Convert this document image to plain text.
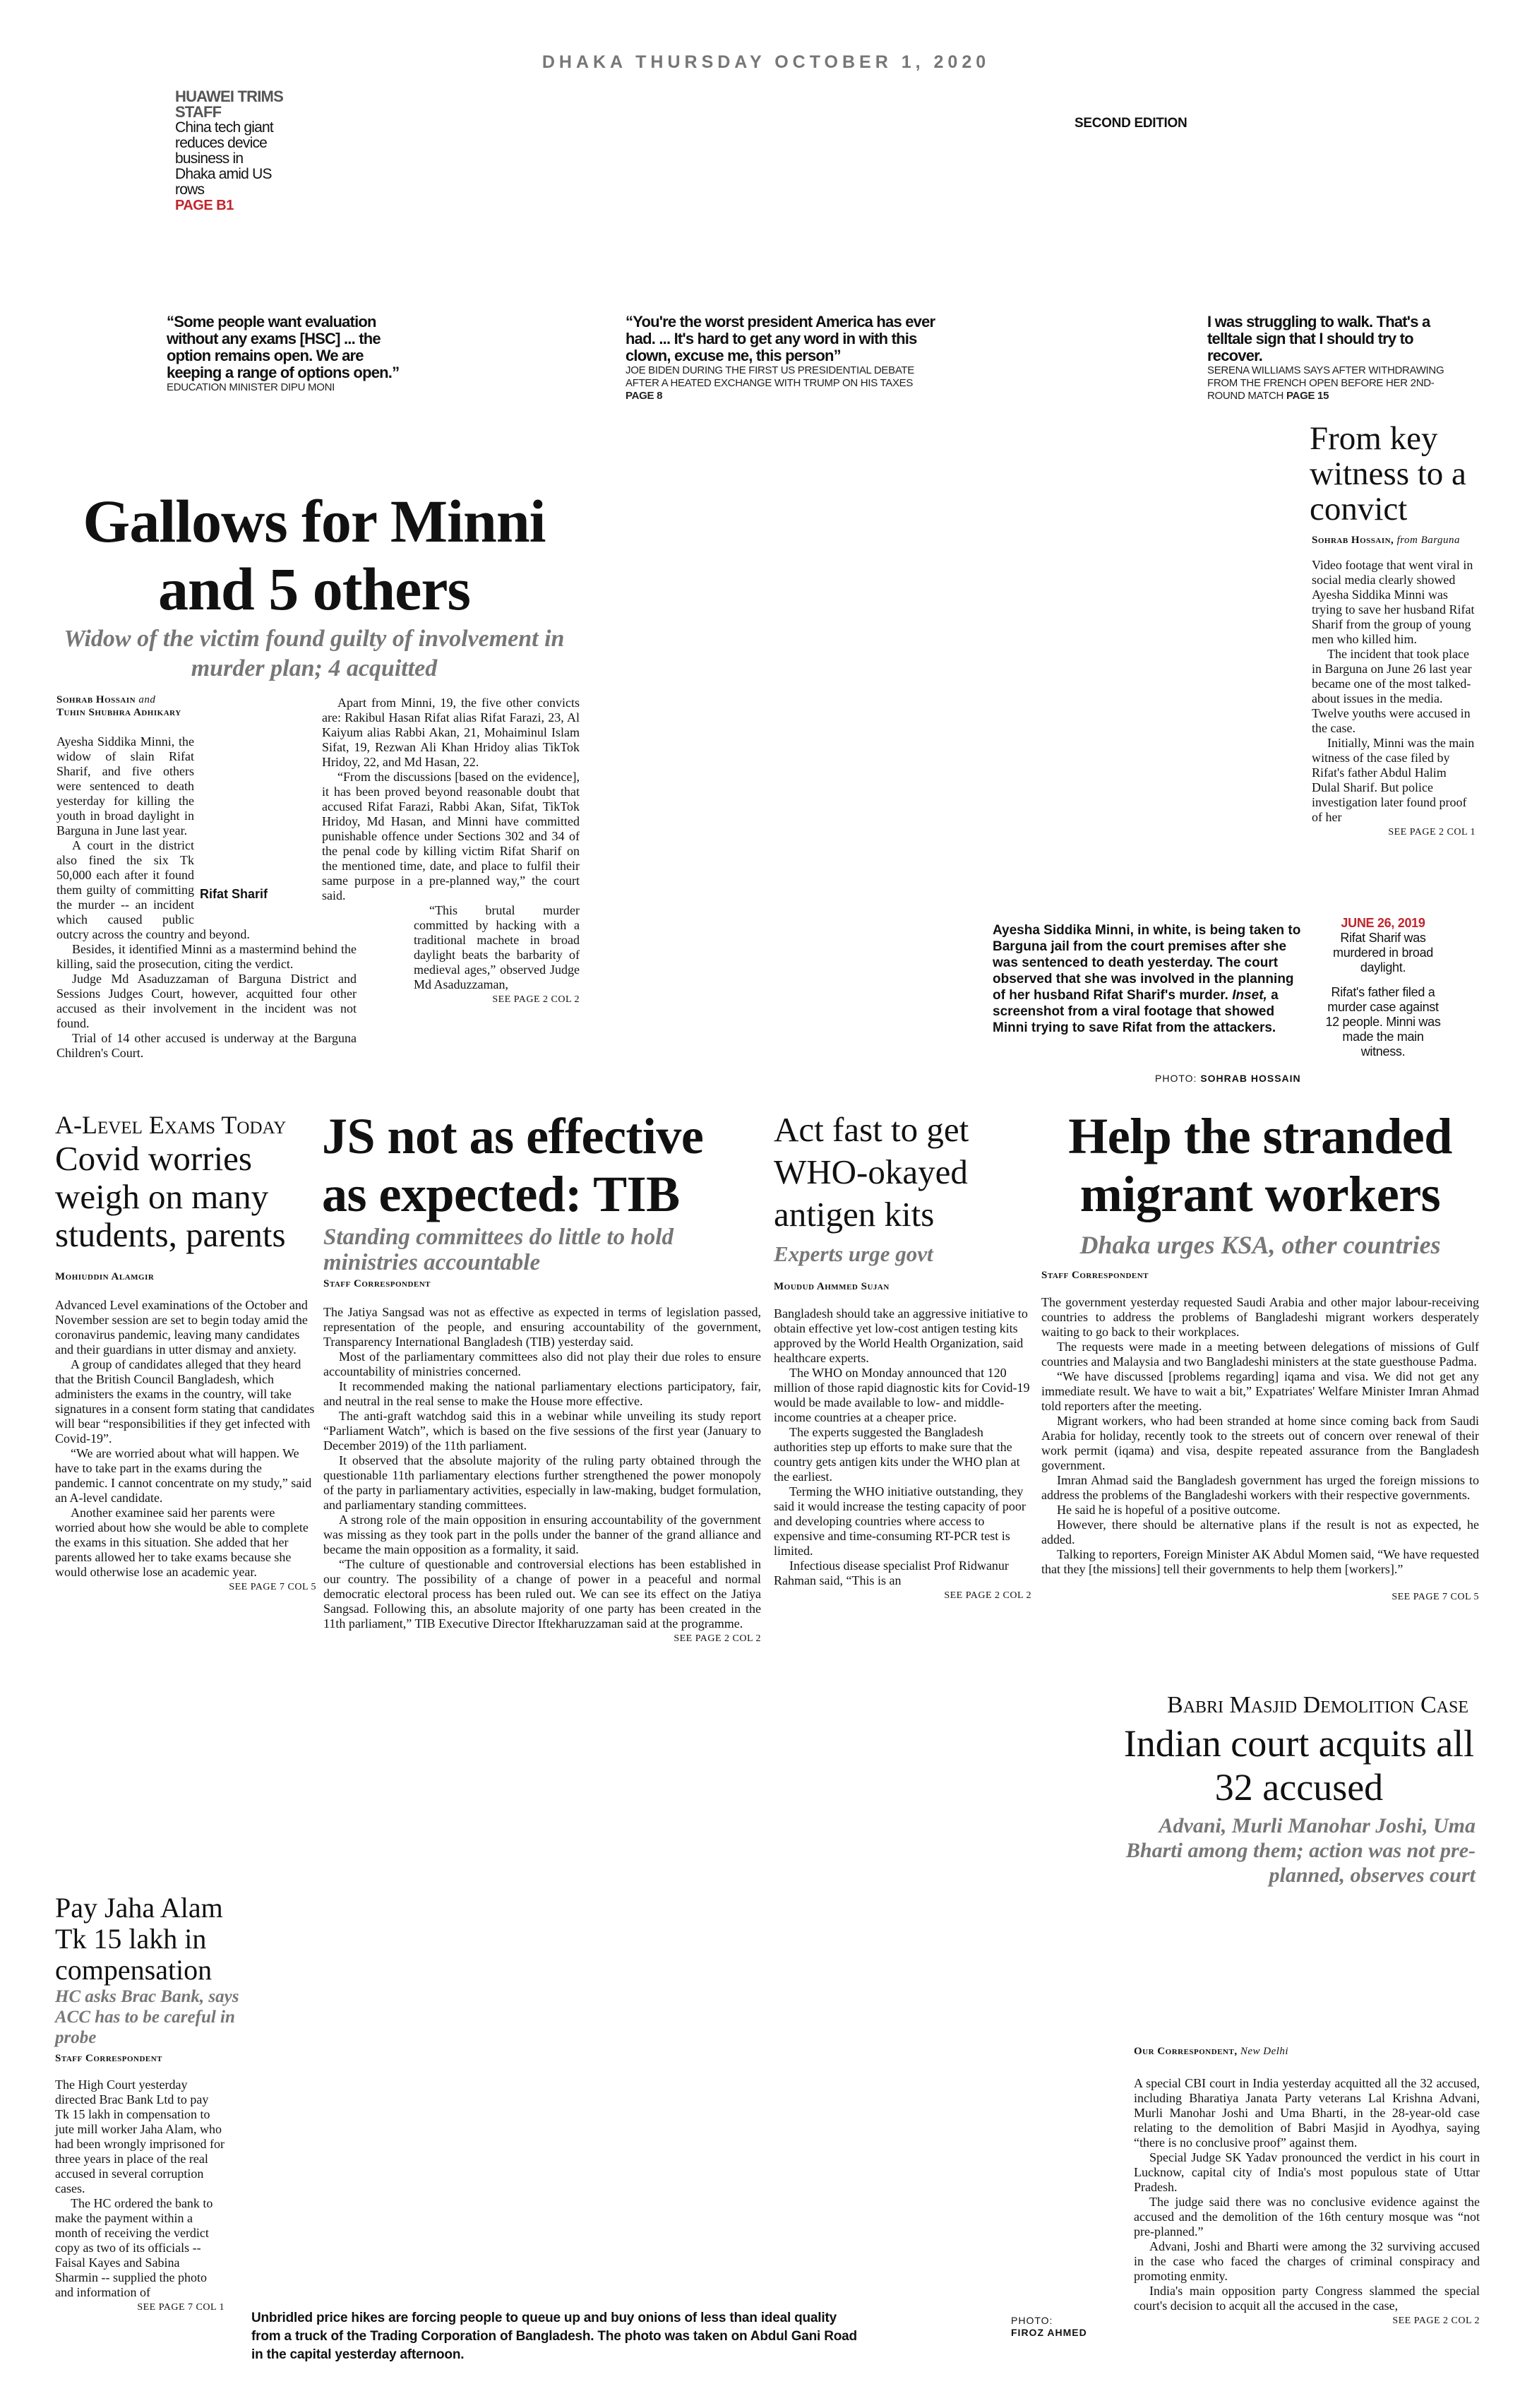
DHAKA THURSDAY OCTOBER 1, 2020
HUAWEI TRIMS STAFF
China tech giant reduces device business in Dhaka amid US rows
PAGE B1
SECOND EDITION
“Some people want evaluation without any exams [HSC] ... the option remains open. We are keeping a range of options open.”
EDUCATION MINISTER DIPU MONI
“You're the worst president America has ever had. ... It's hard to get any word in with this clown, excuse me, this person”
JOE BIDEN DURING THE FIRST US PRESIDENTIAL DEBATE AFTER A HEATED EXCHANGE WITH TRUMP ON HIS TAXES PAGE 8
I was struggling to walk. That's a telltale sign that I should try to recover.
SERENA WILLIAMS SAYS AFTER WITHDRAWING FROM THE FRENCH OPEN BEFORE HER 2ND-ROUND MATCH PAGE 15
Gallows for Minni
and 5 others
Widow of the victim found guilty of involvement in murder plan; 4 acquitted
Sohrab Hossain and
Tuhin Shubhra Adhikary
Rifat Sharif

Ayesha Siddika Minni, the widow of slain Rifat Sharif, and five others were sentenced to death yesterday for killing the youth in broad daylight in Barguna in June last year.

A court in the district also fined the six Tk 50,000 each after it found them guilty of committing the murder -- an incident which caused public outcry across the country and beyond.

Besides, it identified Minni as a mastermind behind the killing, said the prosecution, citing the verdict.

Judge Md Asaduzzaman of Barguna District and Sessions Judges Court, however, acquitted four other accused as their involvement in the incident was not found.

Trial of 14 other accused is underway at the Barguna Children's Court.

Apart from Minni, 19, the five other convicts are: Rakibul Hasan Rifat alias Rifat Farazi, 23, Al Kaiyum alias Rabbi Akan, 21, Mohaiminul Islam Sifat, 19, Rezwan Ali Khan Hridoy alias TikTok Hridoy, 22, and Md Hasan, 22.

“From the discussions [based on the evidence], it has been proved beyond reasonable doubt that accused Rifat Farazi, Rabbi Akan, Sifat, TikTok Hridoy, Md Hasan, and Minni have committed punishable offence under Sections 302 and 34 of the penal code by killing victim Rifat Sharif on the mentioned time, date, and place to fulfil their same purpose in a pre-planned way,” the court said.

“This brutal murder committed by hacking with a traditional machete in broad daylight beats the barbarity of medieval ages,” observed Judge Md Asaduzzaman,

SEE PAGE 2 COL 2
Ayesha Siddika Minni, in white, is being taken to Barguna jail from the court premises after she was sentenced to death yesterday. The court observed that she was involved in the planning of her husband Rifat Sharif's murder. Inset, a screenshot from a viral footage that showed Minni trying to save Rifat from the attackers.
PHOTO: SOHRAB HOSSAIN
JUNE 26, 2019
Rifat Sharif was murdered in broad daylight.
Rifat's father filed a murder case against 12 people. Minni was made the main witness.
From key witness to a convict
Sohrab Hossain, from Barguna

Video footage that went viral in social media clearly showed Ayesha Siddika Minni was trying to save her husband Rifat Sharif from the group of young men who killed him.

The incident that took place in Barguna on June 26 last year became one of the most talked-about issues in the media. Twelve youths were accused in the case.

Initially, Minni was the main witness of the case filed by Rifat's father Abdul Halim Dulal Sharif. But police investigation later found proof of her

SEE PAGE 2 COL 1
A-Level Exams Today
Covid worries weigh on many students, parents
Mohiuddin Alamgir

Advanced Level examinations of the October and November session are set to begin today amid the coronavirus pandemic, leaving many candidates and their guardians in utter dismay and anxiety.

A group of candidates alleged that they heard that the British Council Bangladesh, which administers the exams in the country, will take signatures in a consent form stating that candidates will bear “responsibilities if they get infected with Covid-19”.

“We are worried about what will happen. We have to take part in the exams during the pandemic. I cannot concentrate on my study,” said an A-level candidate.

Another examinee said her parents were worried about how she would be able to complete the exams in this situation. She added that her parents allowed her to take exams because she would otherwise lose an academic year.

SEE PAGE 7 COL 5
JS not as effective as expected: TIB
Standing committees do little to hold ministries accountable
Staff Correspondent

The Jatiya Sangsad was not as effective as expected in terms of legislation passed, representation of the people, and ensuring accountability of the government, Transparency International Bangladesh (TIB) yesterday said.

Most of the parliamentary committees also did not play their due roles to ensure accountability of ministries concerned.

It recommended making the national parliamentary elections participatory, fair, and neutral in the real sense to make the House more effective.

The anti-graft watchdog said this in a webinar while unveiling its study report “Parliament Watch”, which is based on the five sessions of the first year (January to December 2019) of the 11th parliament.

It observed that the absolute majority of the ruling party obtained through the questionable 11th parliamentary elections further strengthened the power monopoly of the party in parliamentary activities, especially in law-making, budget formulation, and parliamentary standing committees.

A strong role of the main opposition in ensuring accountability of the government was missing as they took part in the polls under the banner of the grand alliance and became the main opposition as a formality, it said.

“The culture of questionable and controversial elections has been established in our country. The possibility of a change of power in a peaceful and normal democratic electoral process has been ruled out. We can see its effect on the Jatiya Sangsad. Following this, an absolute majority of one party has been created in the 11th parliament,” TIB Executive Director Iftekharuzzaman said at the programme.

SEE PAGE 2 COL 2
Act fast to get WHO-okayed antigen kits
Experts urge govt
Moudud Ahmmed Sujan

Bangladesh should take an aggressive initiative to obtain effective yet low-cost antigen testing kits approved by the World Health Organization, said healthcare experts.

The WHO on Monday announced that 120 million of those rapid diagnostic kits for Covid-19 would be made available to low- and middle-income countries at a cheaper price.

The experts suggested the Bangladesh authorities step up efforts to make sure that the country gets antigen kits under the WHO plan at the earliest.

Terming the WHO initiative outstanding, they said it would increase the testing capacity of poor and developing countries where access to expensive and time-consuming RT-PCR test is limited.

Infectious disease specialist Prof Ridwanur Rahman said, “This is an

SEE PAGE 2 COL 2
Help the stranded migrant workers
Dhaka urges KSA, other countries
Staff Correspondent

The government yesterday requested Saudi Arabia and other major labour-receiving countries to address the problems of Bangladeshi migrant workers desperately waiting to go back to their workplaces.

The requests were made in a meeting between delegations of missions of Gulf countries and Malaysia and two Bangladeshi ministers at the state guesthouse Padma.

“We have discussed [problems regarding] iqama and visa. We did not get any immediate result. We have to wait a bit,” Expatriates' Welfare Minister Imran Ahmad told reporters after the meeting.

Migrant workers, who had been stranded at home since coming back from Saudi Arabia for holiday, recently took to the streets out of concern over renewal of their work permit (iqama) and visa, despite repeated assurance from the Bangladesh government.

Imran Ahmad said the Bangladesh government has urged the foreign missions to address the problems of the Bangladeshi workers with their respective governments.

He said he is hopeful of a positive outcome.

However, there should be alternative plans if the result is not as expected, he added.

Talking to reporters, Foreign Minister AK Abdul Momen said, “We have requested that they [the missions] tell their governments to help them [workers].”

SEE PAGE 7 COL 5
Babri Masjid Demolition Case
Indian court acquits all 32 accused
Advani, Murli Manohar Joshi, Uma Bharti among them; action was not pre-planned, observes court
Our Correspondent, New Delhi

A special CBI court in India yesterday acquitted all the 32 accused, including Bharatiya Janata Party veterans Lal Krishna Advani, Murli Manohar Joshi and Uma Bharti, in the 28-year-old case relating to the demolition of Babri Masjid in Ayodhya, saying “there is no conclusive proof” against them.

Special Judge SK Yadav pronounced the verdict in his court in Lucknow, capital city of India's most populous state of Uttar Pradesh.

The judge said there was no conclusive evidence against the accused and the demolition of the 16th century mosque was “not pre-planned.”

Advani, Joshi and Bharti were among the 32 surviving accused in the case who faced the charges of criminal conspiracy and promoting enmity.

India's main opposition party Congress slammed the special court's decision to acquit all the accused in the case,

SEE PAGE 2 COL 2
Pay Jaha Alam Tk 15 lakh in compensation
HC asks Brac Bank, says ACC has to be careful in probe
Staff Correspondent

The High Court yesterday directed Brac Bank Ltd to pay Tk 15 lakh in compensation to jute mill worker Jaha Alam, who had been wrongly imprisoned for three years in place of the real accused in several corruption cases.

The HC ordered the bank to make the payment within a month of receiving the verdict copy as two of its officials -- Faisal Kayes and Sabina Sharmin -- supplied the photo and information of

SEE PAGE 7 COL 1
Unbridled price hikes are forcing people to queue up and buy onions of less than ideal quality from a truck of the Trading Corporation of Bangladesh. The photo was taken on Abdul Gani Road in the capital yesterday afternoon.
PHOTO:
FIROZ AHMED
